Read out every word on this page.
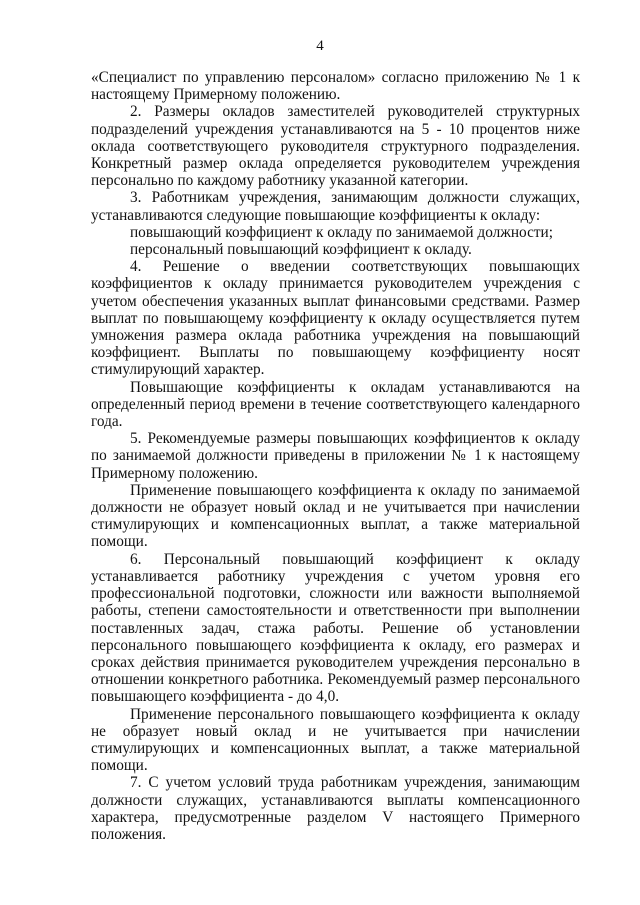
4

«Специалист по управлению персоналом» согласно приложению № 1 к настоящему Примерному положению.

2. Размеры окладов заместителей руководителей структурных подразделений учреждения устанавливаются на 5 - 10 процентов ниже оклада соответствующего руководителя структурного подразделения. Конкретный размер оклада определяется руководителем учреждения персонально по каждому работнику указанной категории.

3. Работникам учреждения, занимающим должности служащих, устанавливаются следующие повышающие коэффициенты к окладу:

повышающий коэффициент к окладу по занимаемой должности;

персональный повышающий коэффициент к окладу.

4. Решение о введении соответствующих повышающих коэффициентов к окладу принимается руководителем учреждения с учетом обеспечения указанных выплат финансовыми средствами. Размер выплат по повышающему коэффициенту к окладу осуществляется путем умножения размера оклада работника учреждения на повышающий коэффициент. Выплаты по повышающему коэффициенту носят стимулирующий характер.

Повышающие коэффициенты к окладам устанавливаются на определенный период времени в течение соответствующего календарного года.

5. Рекомендуемые размеры повышающих коэффициентов к окладу по занимаемой должности приведены в приложении № 1 к настоящему Примерному положению.

Применение повышающего коэффициента к окладу по занимаемой должности не образует новый оклад и не учитывается при начислении стимулирующих и компенсационных выплат, а также материальной помощи.

6. Персональный повышающий коэффициент к окладу устанавливается работнику учреждения с учетом уровня его профессиональной подготовки, сложности или важности выполняемой работы, степени самостоятельности и ответственности при выполнении поставленных задач, стажа работы. Решение об установлении персонального повышающего коэффициента к окладу, его размерах и сроках действия принимается руководителем учреждения персонально в отношении конкретного работника. Рекомендуемый размер персонального повышающего коэффициента - до 4,0.

Применение персонального повышающего коэффициента к окладу не образует новый оклад и не учитывается при начислении стимулирующих и компенсационных выплат, а также материальной помощи.

7. С учетом условий труда работникам учреждения, занимающим должности служащих, устанавливаются выплаты компенсационного характера, предусмотренные разделом V настоящего Примерного положения.
